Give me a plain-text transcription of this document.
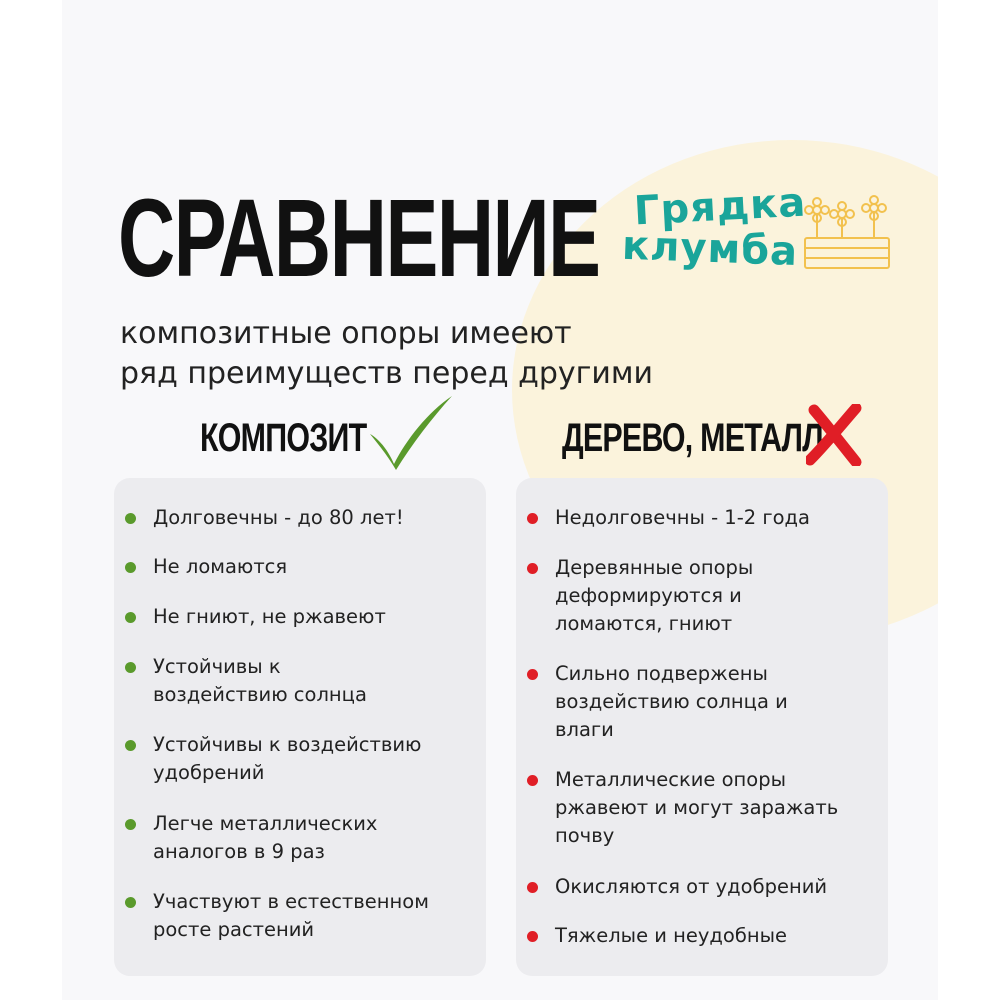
СРАВНЕНИЕ Грядка
клумба

композитные опоры имееют
ряд преимуществ перед другими

КОМПОЗИТ	ДЕРЕВО, МЕТАЛЛ
Долговечны - до 80 лет!
Не ломаются
Не гниют, не ржавеют
Устойчивы к воздействию солнца
Устойчивы к воздействию удобрений
Легче металлических аналогов в 9 раз
Участвуют в естественном росте растений
Недолговечны - 1-2 года
Деревянные опоры деформируются и ломаются, гниют
Сильно подвержены воздействию солнца и влаги
Металлические опоры ржавеют и могут заражать почву
Окисляются от удобрений
Тяжелые и неудобные
